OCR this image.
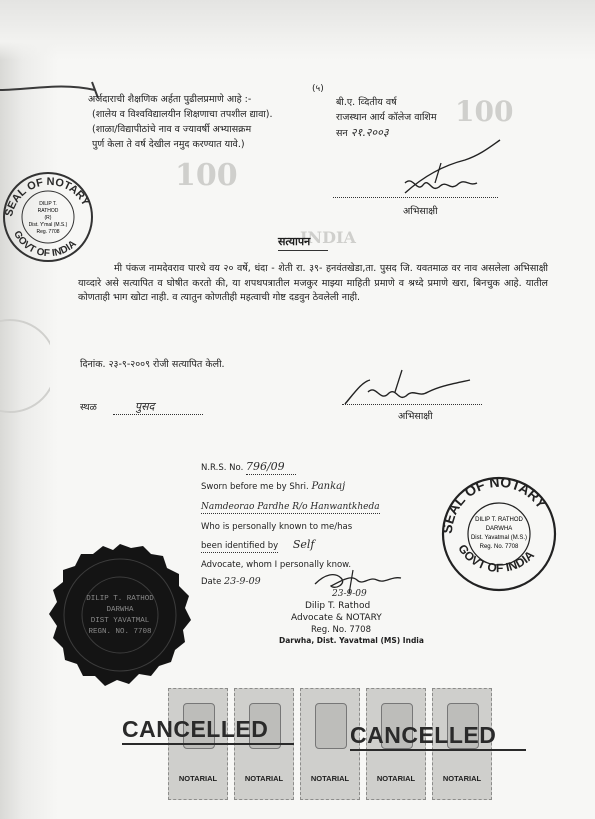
100
100
INDIA
(५)
अर्जदाराची शैक्षणिक अर्हता पुढीलप्रमाणे आहे :-
(शालेय व विश्वविद्यालयीन शिक्षणाचा तपशील द्यावा).
(शाळा/विद्यापीठांचे नाव व ज्यावर्षी अभ्यासक्रम
पुर्ण केला ते वर्ष देखील नमुद करण्यात यावे.)
बी.ए. व्दितीय वर्ष
राजस्थान आर्य कॉलेज वाशिम
सन २१.२००३
अभिसाक्षी
SEAL OF NOTARY
GOVT OF INDIA
DILIP T.
RATHOD
(R)
Dist. Y'mal (M.S.)
Reg. 7708
सत्यापन
मी पंकज नामदेवराव पारधे वय २० वर्षे, धंदा - शेती रा. ३९- हनवंतखेडा,ता. पुसद जि. यवतमाळ वर नाव असलेला अभिसाक्षी याव्दारे असे सत्यापित व घोषीत करतो की, या शपथपत्रातील मजकुर माझ्या माहिती प्रमाणे व श्रध्दे प्रमाणे खरा, बिनचुक आहे. यातील कोणताही भाग खोटा नाही. व त्यातुन कोणतीही महत्वाची गोष्ट दडवुन ठेवलेली नाही.
दिनांक. २३-९-२००९ रोजी सत्यापित केली.
अभिसाक्षी
स्थळ	पुसद
N.R.S. No. 796/09
Sworn before me by Shri. Pankaj
Namdeorao Pardhe R/o Hanwantkheda
Who is personally known to me/has
been identified by Self
Advocate, whom I personally know.
Date 23-9-09
23-9-09
Dilip T. Rathod
Advocate & NOTARY
Reg. No. 7708
Darwha, Dist. Yavatmal (MS) India
SEAL OF NOTARY
GOVT OF INDIA
DILIP T. RATHOD
DARWHA
Dist. Yavatmal (M.S.)
Reg. No. 7708
DILIP T. RATHOD
DARWHA
DIST YAVATMAL
REGN. NO. 7708
NOTARIAL	NOTARIAL	NOTARIAL	NOTARIAL	NOTARIAL
CANCELLED	CANCELLED
